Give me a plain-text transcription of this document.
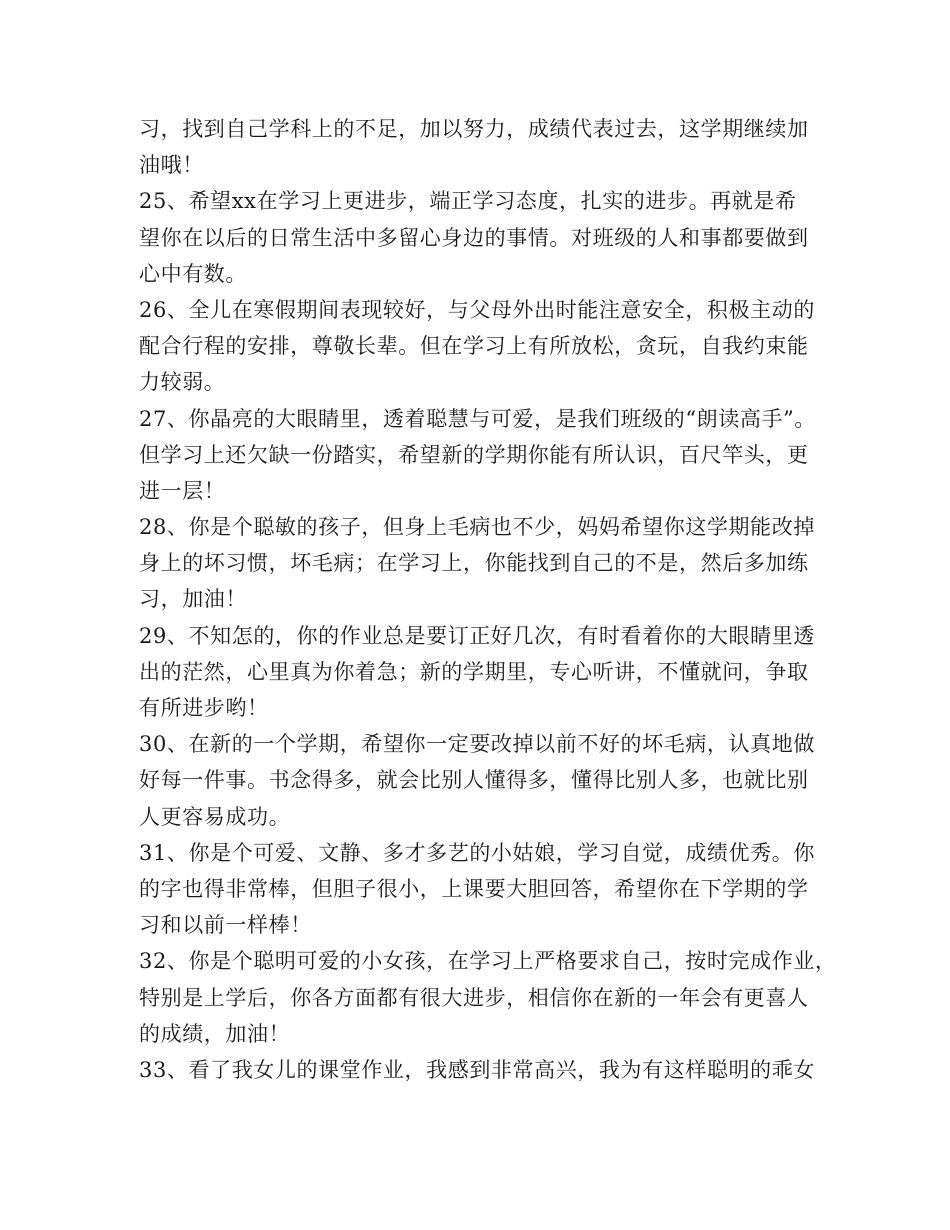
习，找到自己学科上的不足，加以努力，成绩代表过去，这学期继续加
油哦！
25、希望xx在学习上更进步，端正学习态度，扎实的进步。再就是希
望你在以后的日常生活中多留心身边的事情。对班级的人和事都要做到
心中有数。
26、全儿在寒假期间表现较好，与父母外出时能注意安全，积极主动的
配合行程的安排，尊敬长辈。但在学习上有所放松，贪玩，自我约束能
力较弱。
27、你晶亮的大眼睛里，透着聪慧与可爱，是我们班级的“朗读高手”。
但学习上还欠缺一份踏实，希望新的学期你能有所认识，百尺竿头，更
进一层！
28、你是个聪敏的孩子，但身上毛病也不少，妈妈希望你这学期能改掉
身上的坏习惯，坏毛病；在学习上，你能找到自己的不是，然后多加练
习，加油！
29、不知怎的，你的作业总是要订正好几次，有时看着你的大眼睛里透
出的茫然，心里真为你着急；新的学期里，专心听讲，不懂就问，争取
有所进步哟！
30、在新的一个学期，希望你一定要改掉以前不好的坏毛病，认真地做
好每一件事。书念得多，就会比别人懂得多，懂得比别人多，也就比别
人更容易成功。
31、你是个可爱、文静、多才多艺的小姑娘，学习自觉，成绩优秀。你
的字也得非常棒，但胆子很小，上课要大胆回答，希望你在下学期的学
习和以前一样棒！
32、你是个聪明可爱的小女孩，在学习上严格要求自己，按时完成作业，
特别是上学后，你各方面都有很大进步，相信你在新的一年会有更喜人
的成绩，加油！
33、看了我女儿的课堂作业，我感到非常高兴，我为有这样聪明的乖女
